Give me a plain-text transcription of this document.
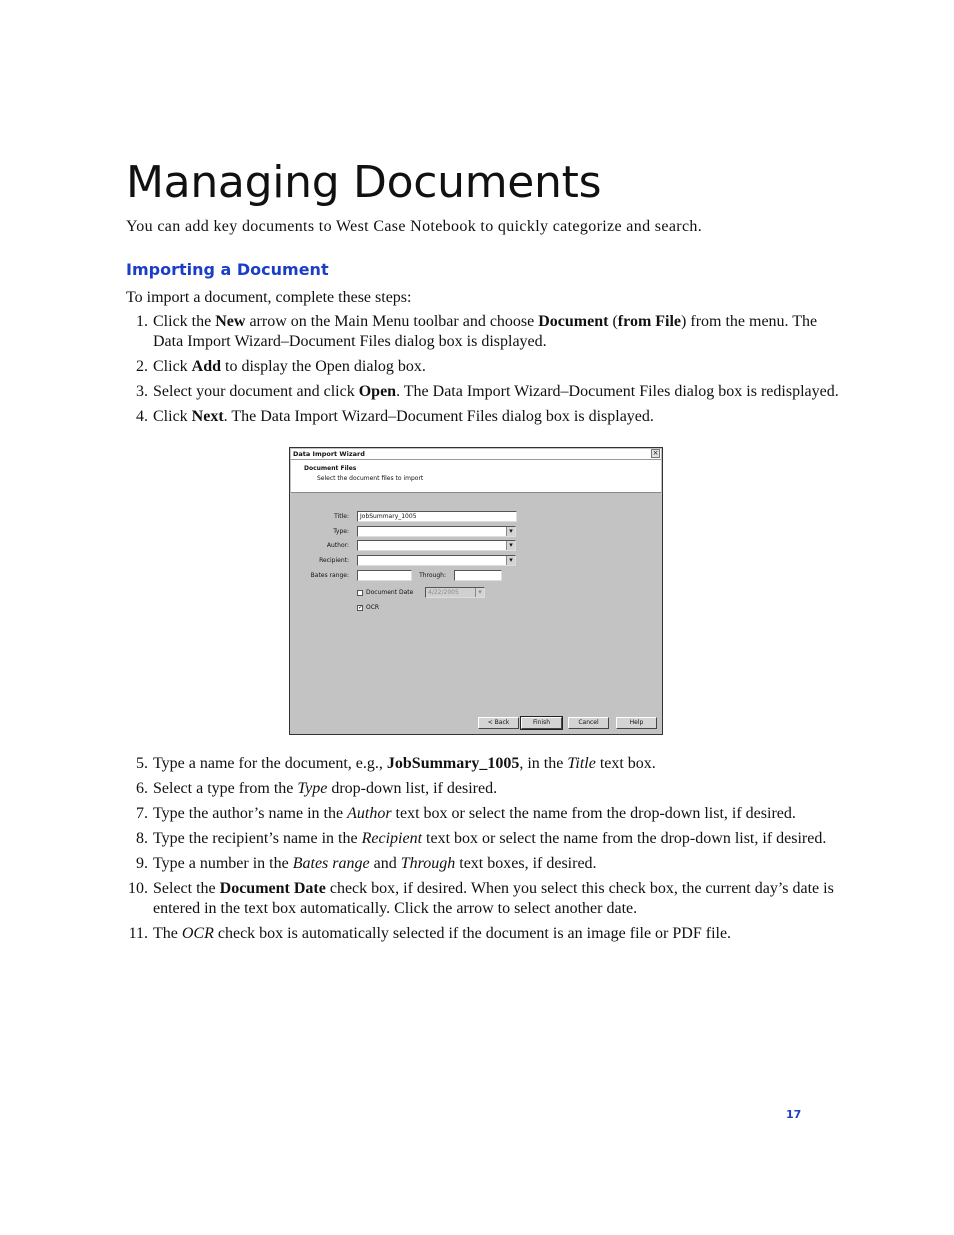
Managing Documents

You can add key documents to West Case Notebook to quickly categorize and search.

Importing a Document

To import a document, complete these steps:

1. Click the New arrow on the Main Menu toolbar and choose Document (from File) from the menu. The Data Import Wizard–Document Files dialog box is displayed.
2. Click Add to display the Open dialog box.
3. Select your document and click Open. The Data Import Wizard–Document Files dialog box is redisplayed.
4. Click Next. The Data Import Wizard–Document Files dialog box is displayed.
Data Import Wizard	×
Document Files
Select the document files to import
Title:	JobSummary_1005
Type:
▾
Author:
▾
Recipient:
▾
Bates range:	Through:
Document Date	4/22/2005 ▾
✓ OCR
< Back	Finish	Cancel	Help
5. Type a name for the document, e.g., JobSummary_1005, in the Title text box.
6. Select a type from the Type drop-down list, if desired.
7. Type the author’s name in the Author text box or select the name from the drop-down list, if desired.
8. Type the recipient’s name in the Recipient text box or select the name from the drop-down list, if desired.
9. Type a number in the Bates range and Through text boxes, if desired.
10. Select the Document Date check box, if desired. When you select this check box, the current day’s date is entered in the text box automatically. Click the arrow to select another date.
11. The OCR check box is automatically selected if the document is an image file or PDF file.

17
